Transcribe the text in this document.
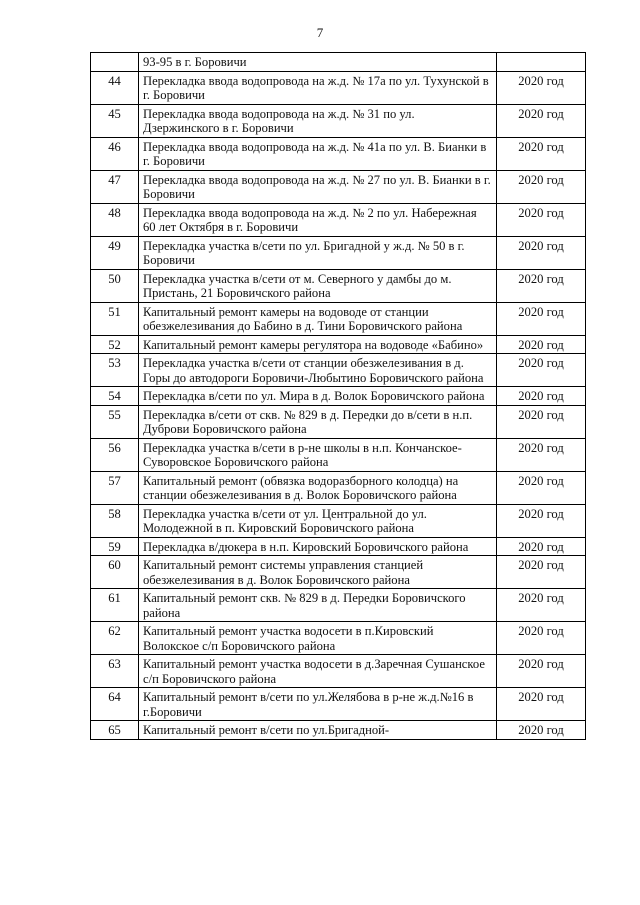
7
	93-95 в г. Боровичи	
44	Перекладка ввода водопровода на ж.д. № 17а по ул. Тухунской в г. Боровичи	2020 год
45	Перекладка ввода водопровода на ж.д. № 31 по ул. Дзержинского в г. Боровичи	2020 год
46	Перекладка ввода водопровода на ж.д. № 41а по ул. В. Бианки в г. Боровичи	2020 год
47	Перекладка ввода водопровода на ж.д. № 27 по ул. В. Бианки в г. Боровичи	2020 год
48	Перекладка ввода водопровода на ж.д. № 2 по ул. Набережная 60 лет Октября в г. Боровичи	2020 год
49	Перекладка участка в/сети по ул. Бригадной у ж.д. № 50 в г. Боровичи	2020 год
50	Перекладка участка в/сети от м. Северного у дамбы до м. Пристань, 21 Боровичского района	2020 год
51	Капитальный ремонт камеры на водоводе от станции обезжелезивания до Бабино в д. Тини Боровичского района	2020 год
52	Капитальный ремонт камеры регулятора на водоводе «Бабино»	2020 год
53	Перекладка участка в/сети от станции обезжелезивания в д. Горы до автодороги Боровичи-Любытино Боровичского района	2020 год
54	Перекладка в/сети по ул. Мира в д. Волок Боровичского района	2020 год
55	Перекладка в/сети от скв. № 829 в д. Передки до в/сети в н.п. Дуброви Боровичского района	2020 год
56	Перекладка участка в/сети в р-не школы в н.п. Кончанское-Суворовское Боровичского района	2020 год
57	Капитальный ремонт (обвязка водоразборного колодца) на станции обезжелезивания в д. Волок Боровичского района	2020 год
58	Перекладка участка в/сети от ул. Центральной до ул. Молодежной в п. Кировский Боровичского района	2020 год
59	Перекладка в/дюкера в н.п. Кировский Боровичского района	2020 год
60	Капитальный ремонт системы управления станцией обезжелезивания в д. Волок Боровичского района	2020 год
61	Капитальный ремонт скв. № 829 в д. Передки Боровичского района	2020 год
62	Капитальный ремонт участка водосети в п.Кировский Волокское с/п Боровичского района	2020 год
63	Капитальный ремонт участка водосети в д.Заречная Сушанское с/п Боровичского района	2020 год
64	Капитальный ремонт в/сети по ул.Желябова в р-не ж.д.№16 в г.Боровичи	2020 год
65	Капитальный ремонт в/сети по ул.Бригадной-	2020 год
